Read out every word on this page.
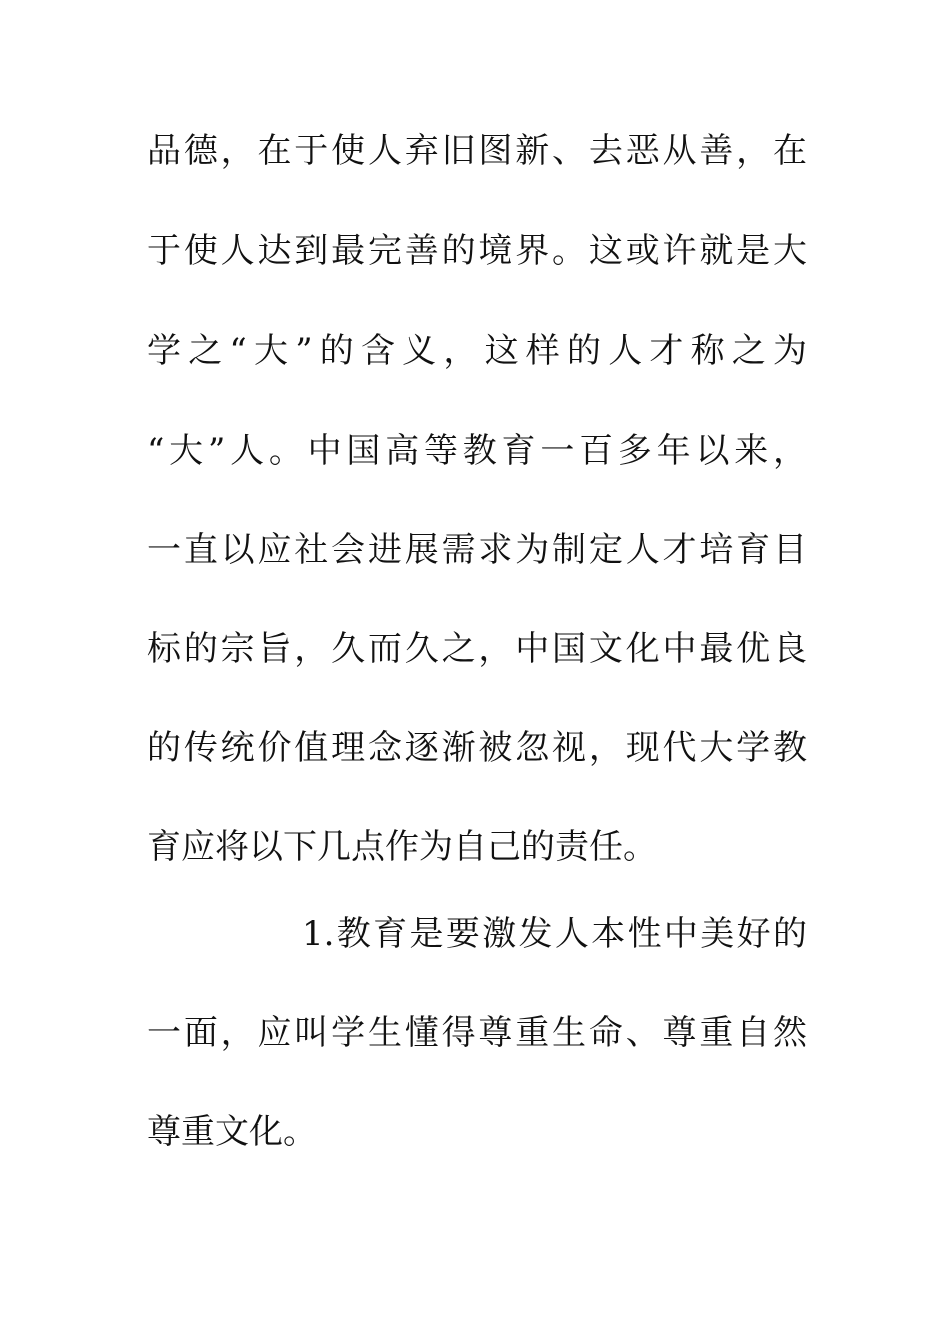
品德，在于使人弃旧图新、去恶从善，在
于使人达到最完善的境界。这或许就是大
学之“大”的含义，这样的人才称之为
“大”人。中国高等教育一百多年以来，
一直以应社会进展需求为制定人才培育目
标的宗旨，久而久之，中国文化中最优良
的传统价值理念逐渐被忽视，现代大学教
育应将以下几点作为自己的责任。
1.教育是要激发人本性中美好的
一面，应叫学生懂得尊重生命、尊重自然
尊重文化。
